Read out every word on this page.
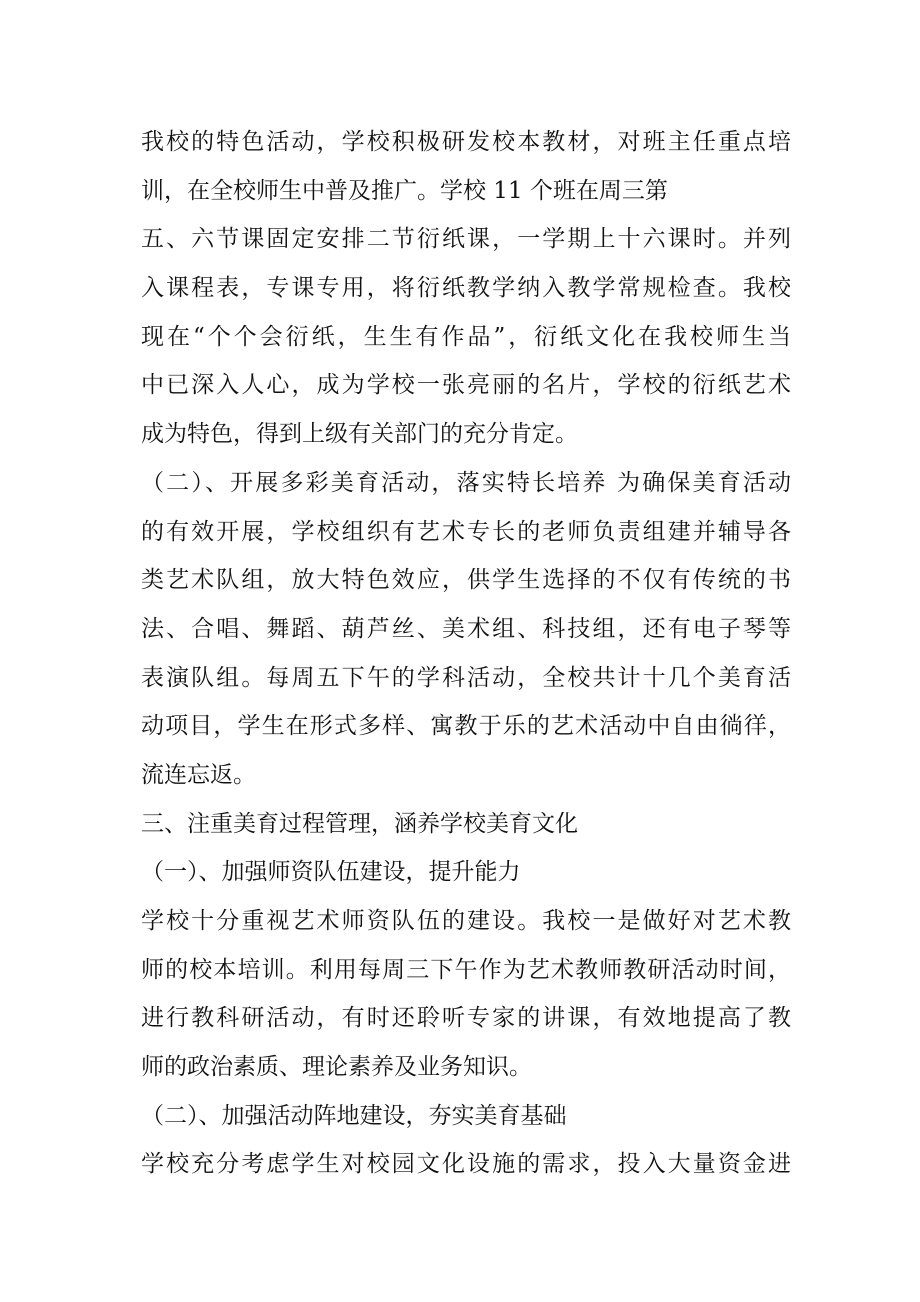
我校的特色活动，学校积极研发校本教材，对班主任重点培
训，在全校师生中普及推广。学校 11 个班在周三第
五、六节课固定安排二节衍纸课，一学期上十六课时。并列
入课程表，专课专用，将衍纸教学纳入教学常规检查。我校
现在“个个会衍纸，生生有作品”，衍纸文化在我校师生当
中已深入人心，成为学校一张亮丽的名片，学校的衍纸艺术
成为特色，得到上级有关部门的充分肯定。
（二）、开展多彩美育活动，落实特长培养 为确保美育活动
的有效开展，学校组织有艺术专长的老师负责组建并辅导各
类艺术队组，放大特色效应，供学生选择的不仅有传统的书
法、合唱、舞蹈、葫芦丝、美术组、科技组，还有电子琴等
表演队组。每周五下午的学科活动，全校共计十几个美育活
动项目，学生在形式多样、寓教于乐的艺术活动中自由徜徉，
流连忘返。
三、注重美育过程管理，涵养学校美育文化
（一）、加强师资队伍建设，提升能力
学校十分重视艺术师资队伍的建设。我校一是做好对艺术教
师的校本培训。利用每周三下午作为艺术教师教研活动时间，
进行教科研活动，有时还聆听专家的讲课，有效地提高了教
师的政治素质、理论素养及业务知识。
（二）、加强活动阵地建设，夯实美育基础
学校充分考虑学生对校园文化设施的需求，投入大量资金进
